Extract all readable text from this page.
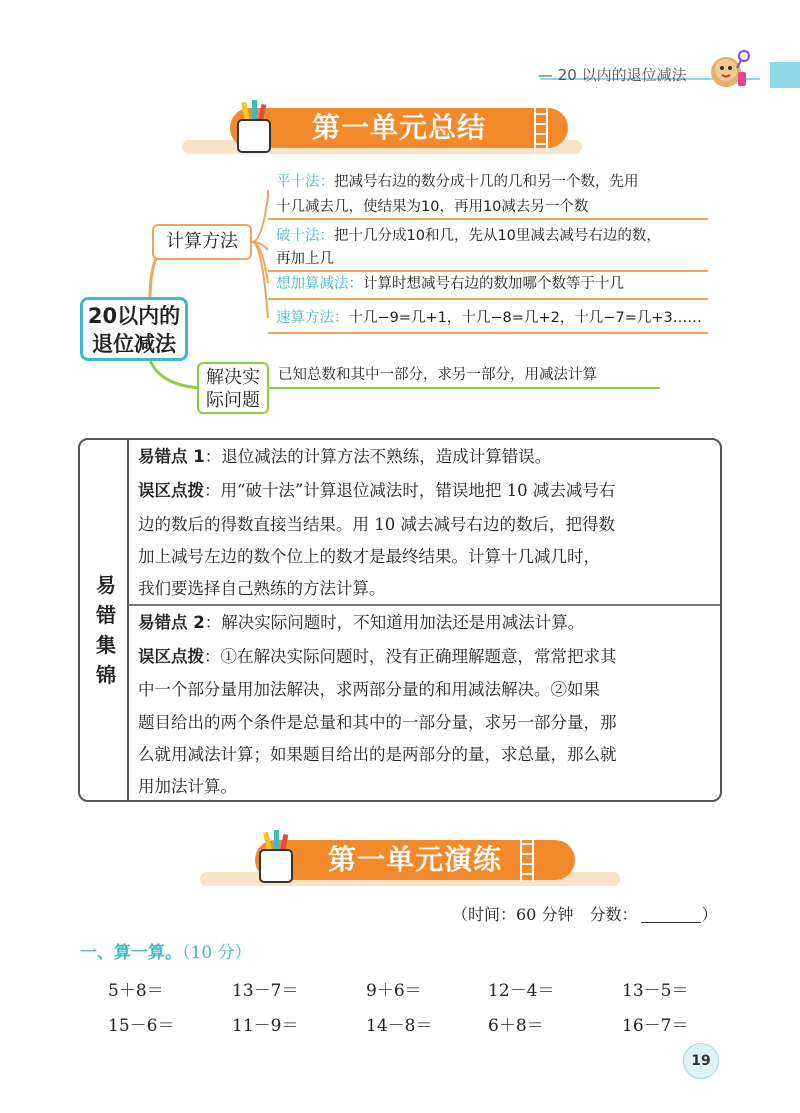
— 20 以内的退位减法
第一单元总结
20以内的
退位减法
计算方法
解决实
际问题
平十法：把减号右边的数分成十几的几和另一个数，先用
十几减去几，使结果为10，再用10减去另一个数
破十法：把十几分成10和几，先从10里减去减号右边的数，
再加上几
想加算减法：计算时想减号右边的数加哪个数等于十几
速算方法：十几−9=几+1，十几−8=几+2，十几−7=几+3……
已知总数和其中一部分，求另一部分，用减法计算
易错集锦
易错点 1：退位减法的计算方法不熟练，造成计算错误。
误区点拨：用“破十法”计算退位减法时，错误地把 10 减去减号右
边的数后的得数直接当结果。用 10 减去减号右边的数后，把得数
加上减号左边的数个位上的数才是最终结果。计算十几减几时，
我们要选择自己熟练的方法计算。
易错点 2：解决实际问题时，不知道用加法还是用减法计算。
误区点拨：①在解决实际问题时，没有正确理解题意，常常把求其
中一个部分量用加法解决，求两部分量的和用减法解决。②如果
题目给出的两个条件是总量和其中的一部分量，求另一部分量，那
么就用减法计算；如果题目给出的是两部分的量，求总量，那么就
用加法计算。
第一单元演练
（时间：60 分钟　分数：	）
一、算一算。（10 分）
5＋8＝	13－7＝	9＋6＝	12－4＝	13－5＝
15－6＝	11－9＝	14－8＝	6＋8＝	16－7＝
19
